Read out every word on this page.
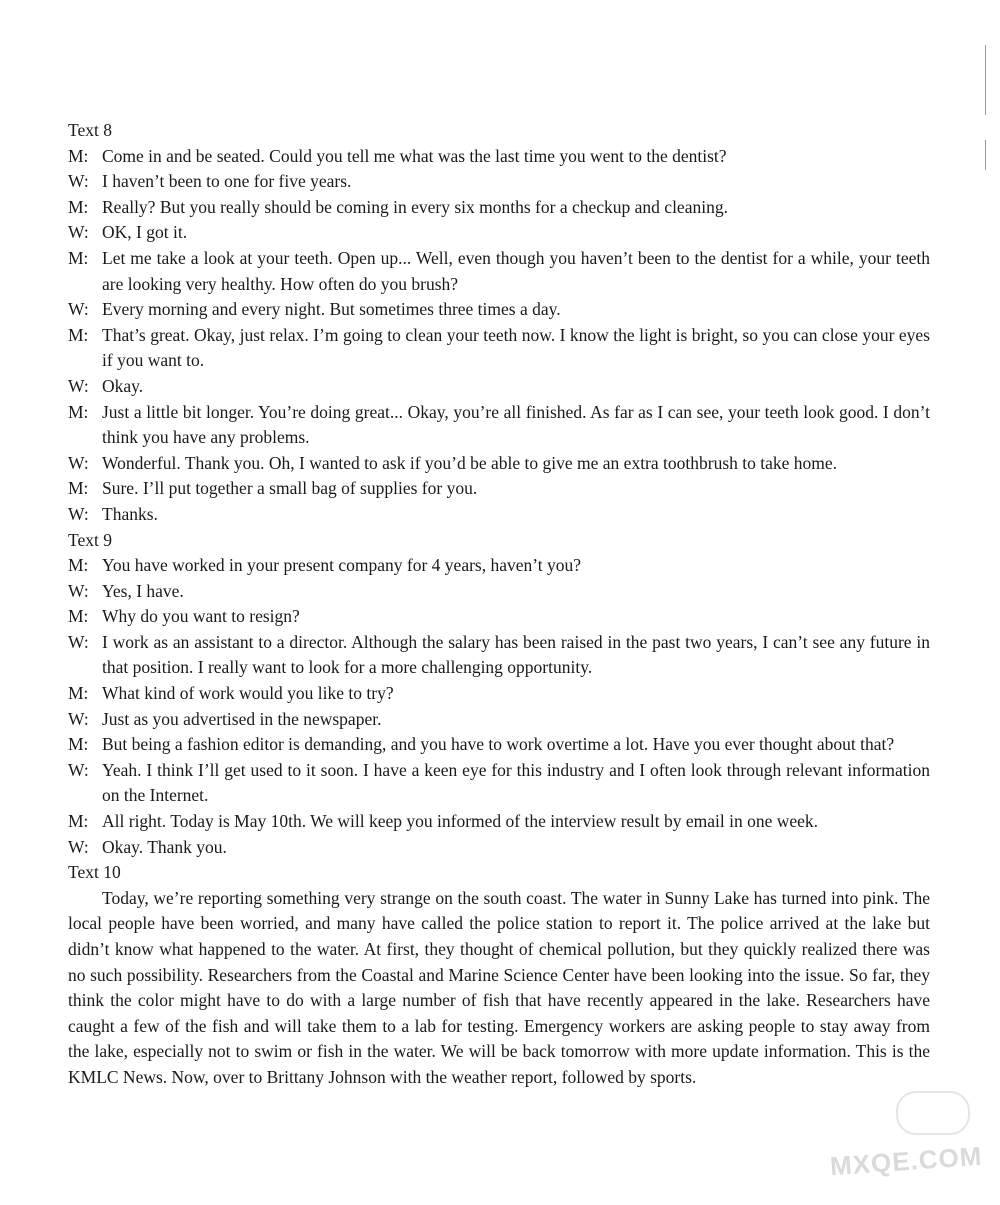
Text 8
M: Come in and be seated. Could you tell me what was the last time you went to the dentist?
W: I haven’t been to one for five years.
M: Really? But you really should be coming in every six months for a checkup and cleaning.
W: OK, I got it.
M: Let me take a look at your teeth. Open up... Well, even though you haven’t been to the dentist for a while, your teeth are looking very healthy. How often do you brush?
W: Every morning and every night. But sometimes three times a day.
M: That’s great. Okay, just relax. I’m going to clean your teeth now. I know the light is bright, so you can close your eyes if you want to.
W: Okay.
M: Just a little bit longer. You’re doing great... Okay, you’re all finished. As far as I can see, your teeth look good. I don’t think you have any problems.
W: Wonderful. Thank you. Oh, I wanted to ask if you’d be able to give me an extra toothbrush to take home.
M: Sure. I’ll put together a small bag of supplies for you.
W: Thanks.
Text 9
M: You have worked in your present company for 4 years, haven’t you?
W: Yes, I have.
M: Why do you want to resign?
W: I work as an assistant to a director. Although the salary has been raised in the past two years, I can’t see any future in that position. I really want to look for a more challenging opportunity.
M: What kind of work would you like to try?
W: Just as you advertised in the newspaper.
M: But being a fashion editor is demanding, and you have to work overtime a lot. Have you ever thought about that?
W: Yeah. I think I’ll get used to it soon. I have a keen eye for this industry and I often look through relevant information on the Internet.
M: All right. Today is May 10th. We will keep you informed of the interview result by email in one week.
W: Okay. Thank you.
Text 10

Today, we’re reporting something very strange on the south coast. The water in Sunny Lake has turned into pink. The local people have been worried, and many have called the police station to report it. The police arrived at the lake but didn’t know what happened to the water. At first, they thought of chemical pollution, but they quickly realized there was no such possibility. Researchers from the Coastal and Marine Science Center have been looking into the issue. So far, they think the color might have to do with a large number of fish that have recently appeared in the lake. Researchers have caught a few of the fish and will take them to a lab for testing. Emergency workers are asking people to stay away from the lake, especially not to swim or fish in the water. We will be back tomorrow with more update information. This is the KMLC News. Now, over to Brittany Johnson with the weather report, followed by sports.

MXQE.COM
